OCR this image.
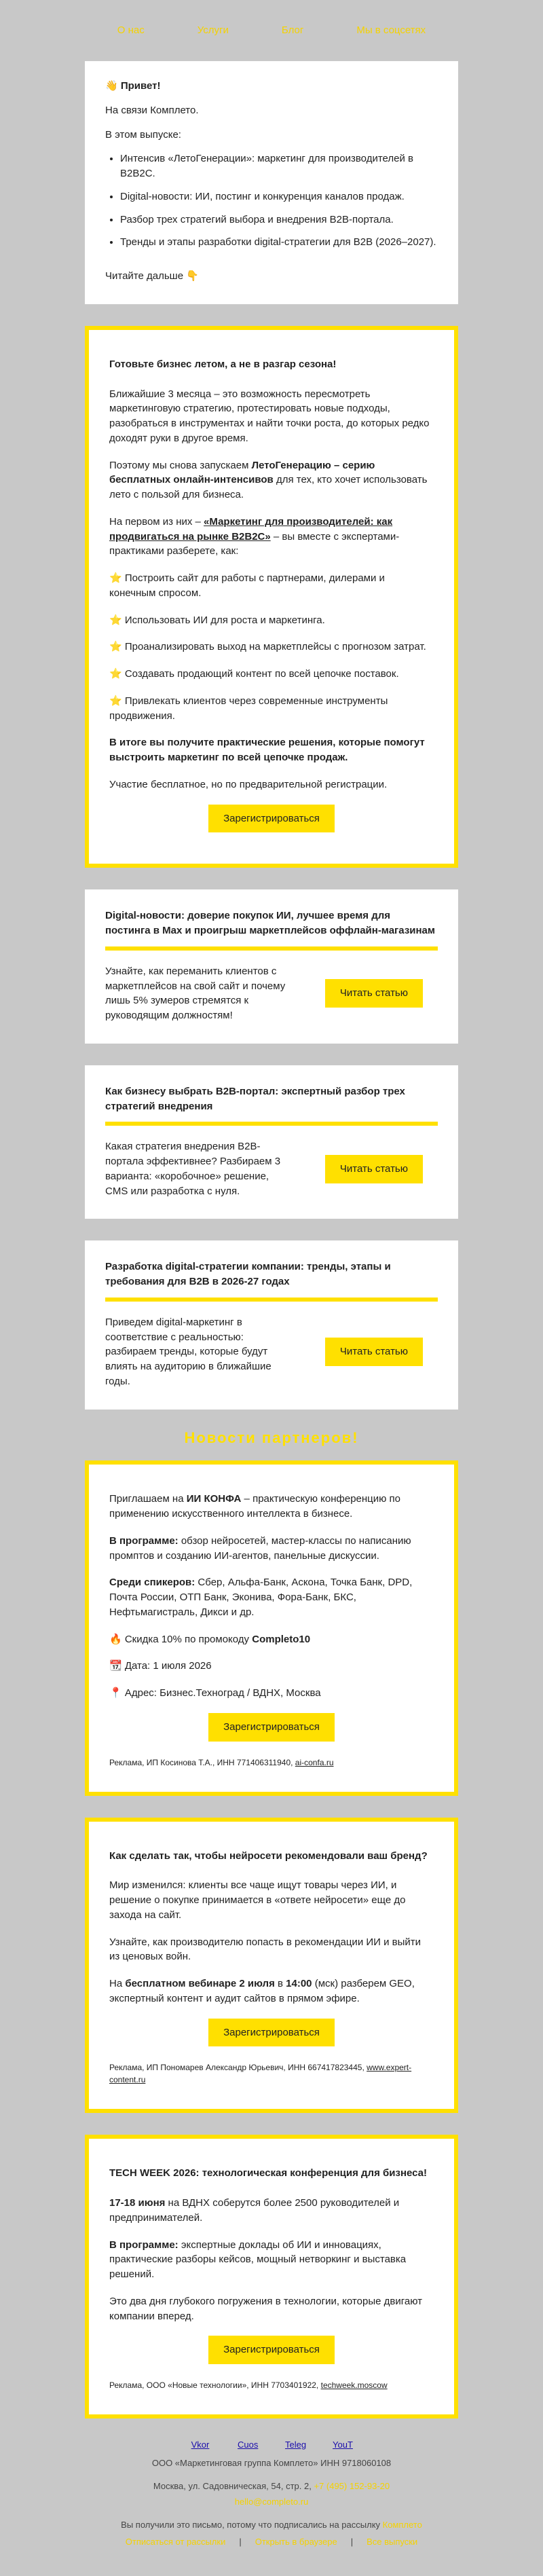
О нас	Услуги	Блог	Мы в соцсетях

👋 Привет!

На связи Комплето.

В этом выпуске:

• Интенсив «ЛетоГенерации»: маркетинг для производителей в B2B2C.
• Digital-новости: ИИ, постинг и конкуренция каналов продаж.
• Разбор трех стратегий выбора и внедрения B2B-портала.
• Тренды и этапы разработки digital-стратегии для B2B (2026–2027).

Читайте дальше 👇

Готовьте бизнес летом, а не в разгар сезона!

Ближайшие 3 месяца – это возможность пересмотреть маркетинговую стратегию, протестировать новые подходы, разобраться в инструментах и найти точки роста, до которых редко доходят руки в другое время.

Поэтому мы снова запускаем ЛетоГенерацию – серию бесплатных онлайн-интенсивов для тех, кто хочет использовать лето с пользой для бизнеса.

На первом из них – «Маркетинг для производителей: как продвигаться на рынке B2B2C» – вы вместе с экспертами-практиками разберете, как:

⭐ Построить сайт для работы с партнерами, дилерами и конечным спросом.

⭐ Использовать ИИ для роста и маркетинга.

⭐ Проанализировать выход на маркетплейсы с прогнозом затрат.

⭐ Создавать продающий контент по всей цепочке поставок.

⭐ Привлекать клиентов через современные инструменты продвижения.

В итоге вы получите практические решения, которые помогут выстроить маркетинг по всей цепочке продаж.

Участие бесплатное, но по предварительной регистрации.

Зарегистрироваться
Digital-новости: доверие покупок ИИ, лучшее время для постинга в Max и проигрыш маркетплейсов оффлайн-магазинам

Узнайте, как переманить клиентов с маркетплейсов на свой сайт и почему лишь 5% зумеров стремятся к руководящим должностям!

Читать статью
Как бизнесу выбрать B2B-портал: экспертный разбор трех стратегий внедрения

Какая стратегия внедрения B2B-портала эффективнее? Разбираем 3 варианта: «коробочное» решение, CMS или разработка с нуля.

Читать статью
Разработка digital-стратегии компании: тренды, этапы и требования для B2B в 2026-27 годах

Приведем digital-маркетинг в соответствие с реальностью: разбираем тренды, которые будут влиять на аудиторию в ближайшие годы.

Читать статью
Новости партнеров!

Приглашаем на ИИ КОНФА – практическую конференцию по применению искусственного интеллекта в бизнесе.

В программе: обзор нейросетей, мастер-классы по написанию промптов и созданию ИИ-агентов, панельные дискуссии.

Среди спикеров: Сбер, Альфа-Банк, Аскона, Точка Банк, DPD, Почта России, ОТП Банк, Эконива, Фора-Банк, БКС, Нефтьмагистраль, Дикси и др.

🔥 Скидка 10% по промокоду Completo10

📆 Дата: 1 июля 2026

📍 Адрес: Бизнес.Техноград / ВДНХ, Москва

Зарегистрироваться
Реклама, ИП Косинова Т.А., ИНН 771406311940, ai-confa.ru

Как сделать так, чтобы нейросети рекомендовали ваш бренд?

Мир изменился: клиенты все чаще ищут товары через ИИ, и решение о покупке принимается в «ответе нейросети» еще до захода на сайт.

Узнайте, как производителю попасть в рекомендации ИИ и выйти из ценовых войн.

На бесплатном вебинаре 2 июля в 14:00 (мск) разберем GEO, экспертный контент и аудит сайтов в прямом эфире.

Зарегистрироваться
Реклама, ИП Пономарев Александр Юрьевич, ИНН 667417823445, www.expert-content.ru

TECH WEEK 2026: технологическая конференция для бизнеса!

17-18 июня на ВДНХ соберутся более 2500 руководителей и предпринимателей.

В программе: экспертные доклады об ИИ и инновациях, практические разборы кейсов, мощный нетворкинг и выставка решений.

Это два дня глубокого погружения в технологии, которые двигают компании вперед.

Зарегистрироваться
Реклама, ООО «Новые технологии», ИНН 7703401922, techweek.moscow
Vkor	Cuos	Teleg	YouT

ООО «Маркетинговая группа Комплето» ИНН 9718060108

Москва, ул. Садовническая, 54, стр. 2, +7 (495) 152-93-20

hello@completo.ru

Вы получили это письмо, потому что подписались на рассылку Комплето

Отписаться от рассылки | Открыть в браузере | Все выпуски
